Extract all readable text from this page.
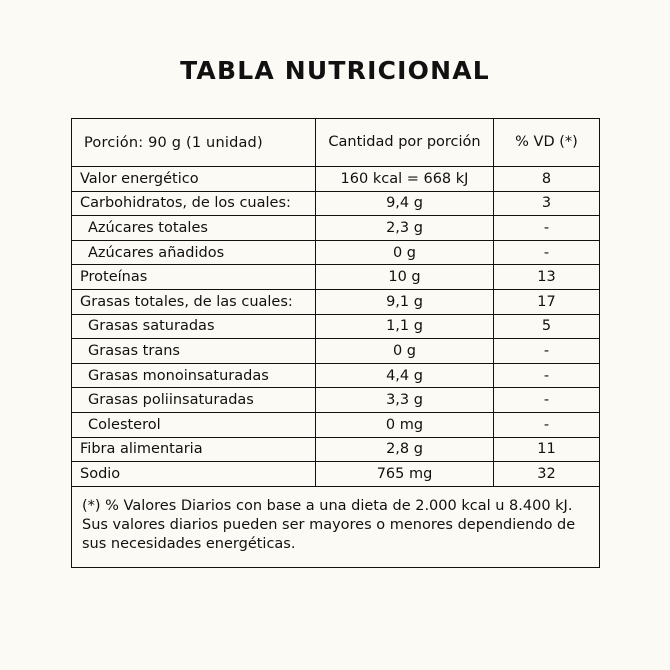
TABLA NUTRICIONAL
Porción: 90 g (1 unidad)	Cantidad por porción	% VD (*)
Valor energético	160 kcal = 668 kJ	8
Carbohidratos, de los cuales:	9,4 g	3
Azúcares totales	2,3 g	-
Azúcares añadidos	0 g	-
Proteínas	10 g	13
Grasas totales, de las cuales:	9,1 g	17
Grasas saturadas	1,1 g	5
Grasas trans	0 g	-
Grasas monoinsaturadas	4,4 g	-
Grasas poliinsaturadas	3,3 g	-
Colesterol	0 mg	-
Fibra alimentaria	2,8 g	11
Sodio	765 mg	32
(*) % Valores Diarios con base a una dieta de 2.000 kcal u 8.400 kJ. Sus valores diarios pueden ser mayores o menores dependiendo de sus necesidades energéticas.		
